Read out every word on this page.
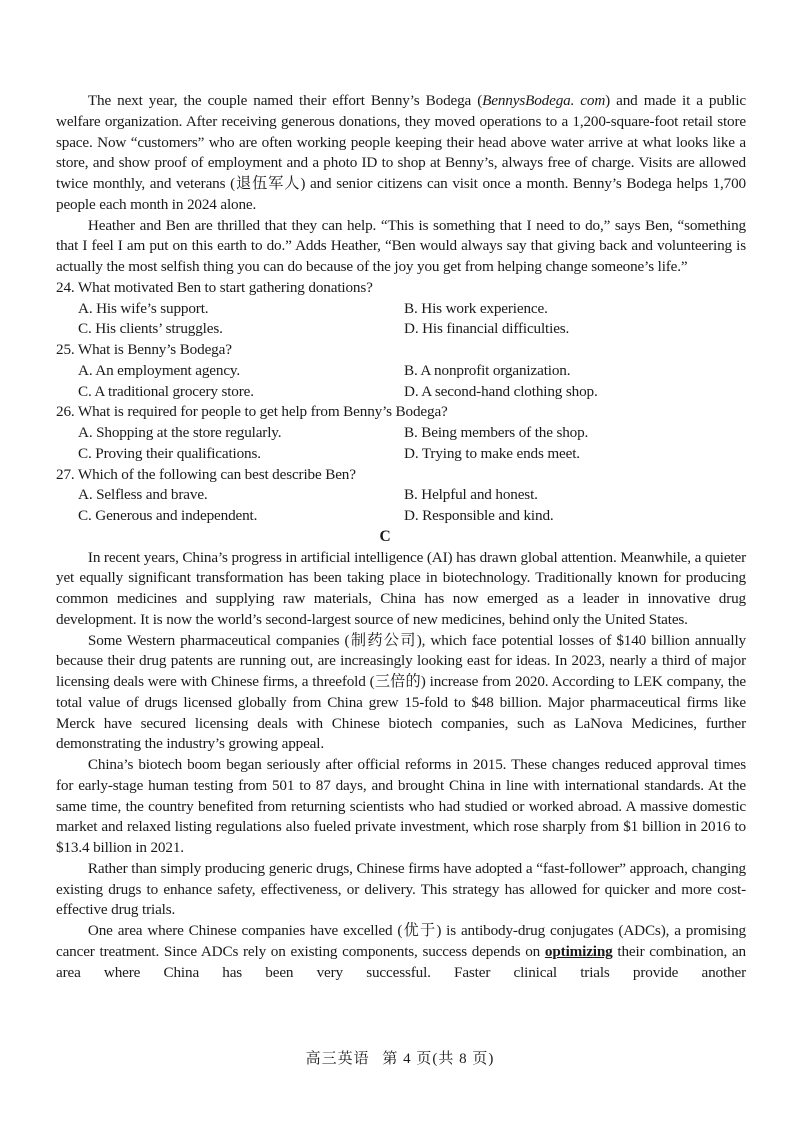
The next year, the couple named their effort Benny’s Bodega (BennysBodega. com) and made it a public welfare organization. After receiving generous donations, they moved operations to a 1,200-square-foot retail store space. Now “customers” who are often working people keeping their head above water arrive at what looks like a store, and show proof of employment and a photo ID to shop at Benny’s, always free of charge. Visits are allowed twice monthly, and veterans (退伍军人) and senior citizens can visit once a month. Benny’s Bodega helps 1,700 people each month in 2024 alone.

Heather and Ben are thrilled that they can help. “This is something that I need to do,” says Ben, “something that I feel I am put on this earth to do.” Adds Heather, “Ben would always say that giving back and volunteering is actually the most selfish thing you can do because of the joy you get from helping change someone’s life.”

24. What motivated Ben to start gathering donations?

A. His wife’s support.	B. His work experience.

C. His clients’ struggles.	D. His financial difficulties.

25. What is Benny’s Bodega?

A. An employment agency.	B. A nonprofit organization.

C. A traditional grocery store.	D. A second-hand clothing shop.

26. What is required for people to get help from Benny’s Bodega?

A. Shopping at the store regularly.	B. Being members of the shop.

C. Proving their qualifications.	D. Trying to make ends meet.

27. Which of the following can best describe Ben?

A. Selfless and brave.	B. Helpful and honest.

C. Generous and independent.	D. Responsible and kind.

C

In recent years, China’s progress in artificial intelligence (AI) has drawn global attention. Meanwhile, a quieter yet equally significant transformation has been taking place in biotechnology. Traditionally known for producing common medicines and supplying raw materials, China has now emerged as a leader in innovative drug development. It is now the world’s second-largest source of new medicines, behind only the United States.

Some Western pharmaceutical companies (制药公司), which face potential losses of $140 billion annually because their drug patents are running out, are increasingly looking east for ideas. In 2023, nearly a third of major licensing deals were with Chinese firms, a threefold (三倍的) increase from 2020. According to LEK company, the total value of drugs licensed globally from China grew 15-fold to $48 billion. Major pharmaceutical firms like Merck have secured licensing deals with Chinese biotech companies, such as LaNova Medicines, further demonstrating the industry’s growing appeal.

China’s biotech boom began seriously after official reforms in 2015. These changes reduced approval times for early-stage human testing from 501 to 87 days, and brought China in line with international standards. At the same time, the country benefited from returning scientists who had studied or worked abroad. A massive domestic market and relaxed listing regulations also fueled private investment, which rose sharply from $1 billion in 2016 to $13.4 billion in 2021.

Rather than simply producing generic drugs, Chinese firms have adopted a “fast-follower” approach, changing existing drugs to enhance safety, effectiveness, or delivery. This strategy has allowed for quicker and more cost-effective drug trials.

One area where Chinese companies have excelled (优于) is antibody-drug conjugates (ADCs), a promising cancer treatment. Since ADCs rely on existing components, success depends on optimizing their combination, an area where China has been very successful. Faster clinical trials provide another

高三英语 第 4 页(共 8 页)
